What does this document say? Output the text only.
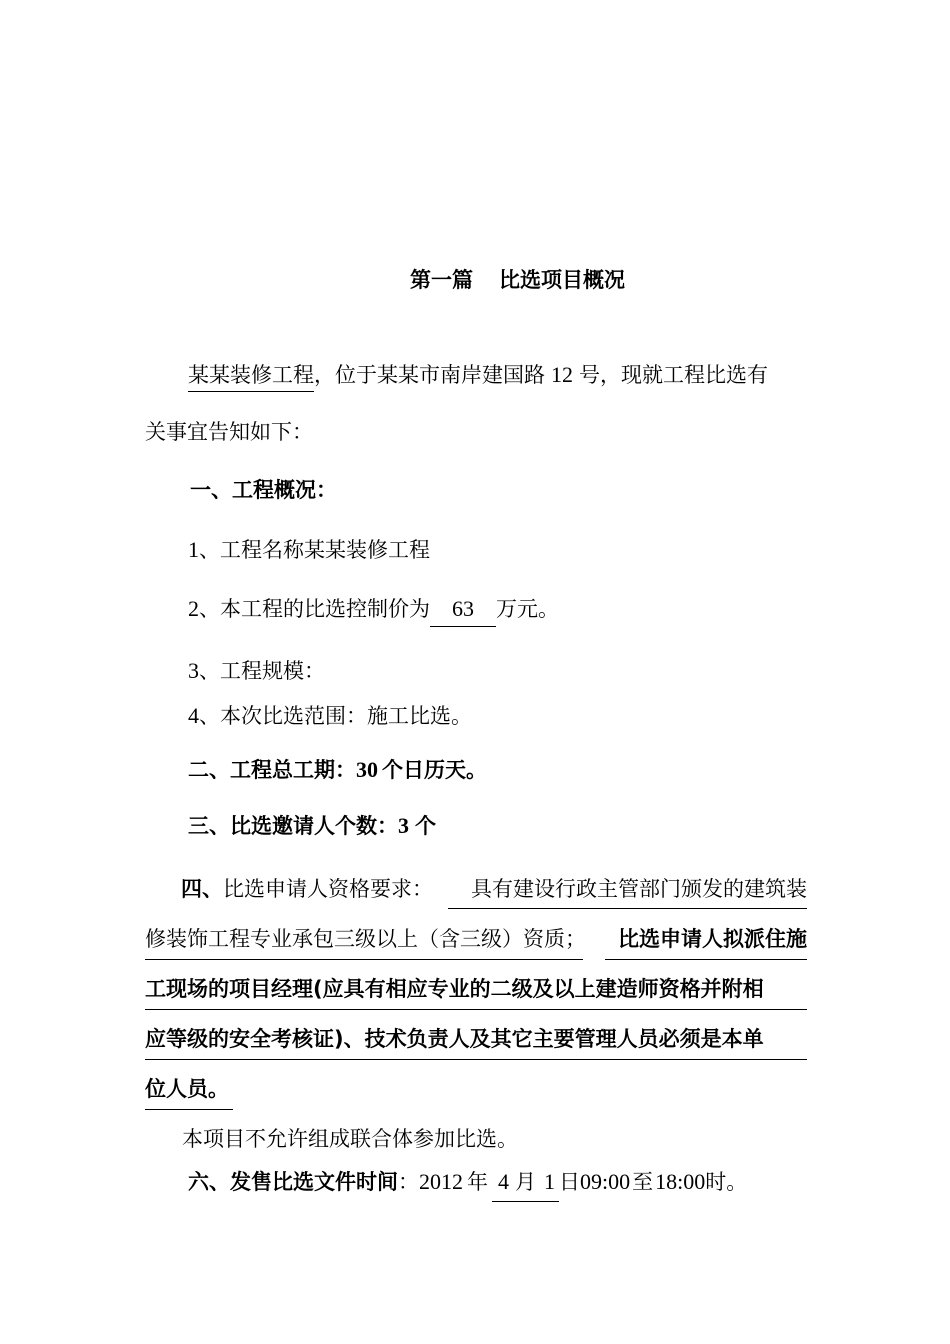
第一篇 比选项目概况
某某装修工程，位于某某市南岸建国路 12 号，现就工程比选有
关事宜告知如下：
一、工程概况：
1、工程名称某某装修工程
2、本工程的比选控制价为 63 万元。
3、工程规模：
4、本次比选范围：施工比选。
二、工程总工期：30 个日历天。
三、比选邀请人个数：3 个
四、比选申请人资格要求： 具有建设行政主管部门颁发的建筑装
修装饰工程专业承包三级以上（含三级）资质； 比选申请人拟派住施
工现场的项目经理(应具有相应专业的二级及以上建造师资格并附相
应等级的安全考核证)、技术负责人及其它主要管理人员必须是本单
位人员。
本项目不允许组成联合体参加比选。
六、发售比选文件时间：2012 年 4 月 1 日09:00至18:00时。
